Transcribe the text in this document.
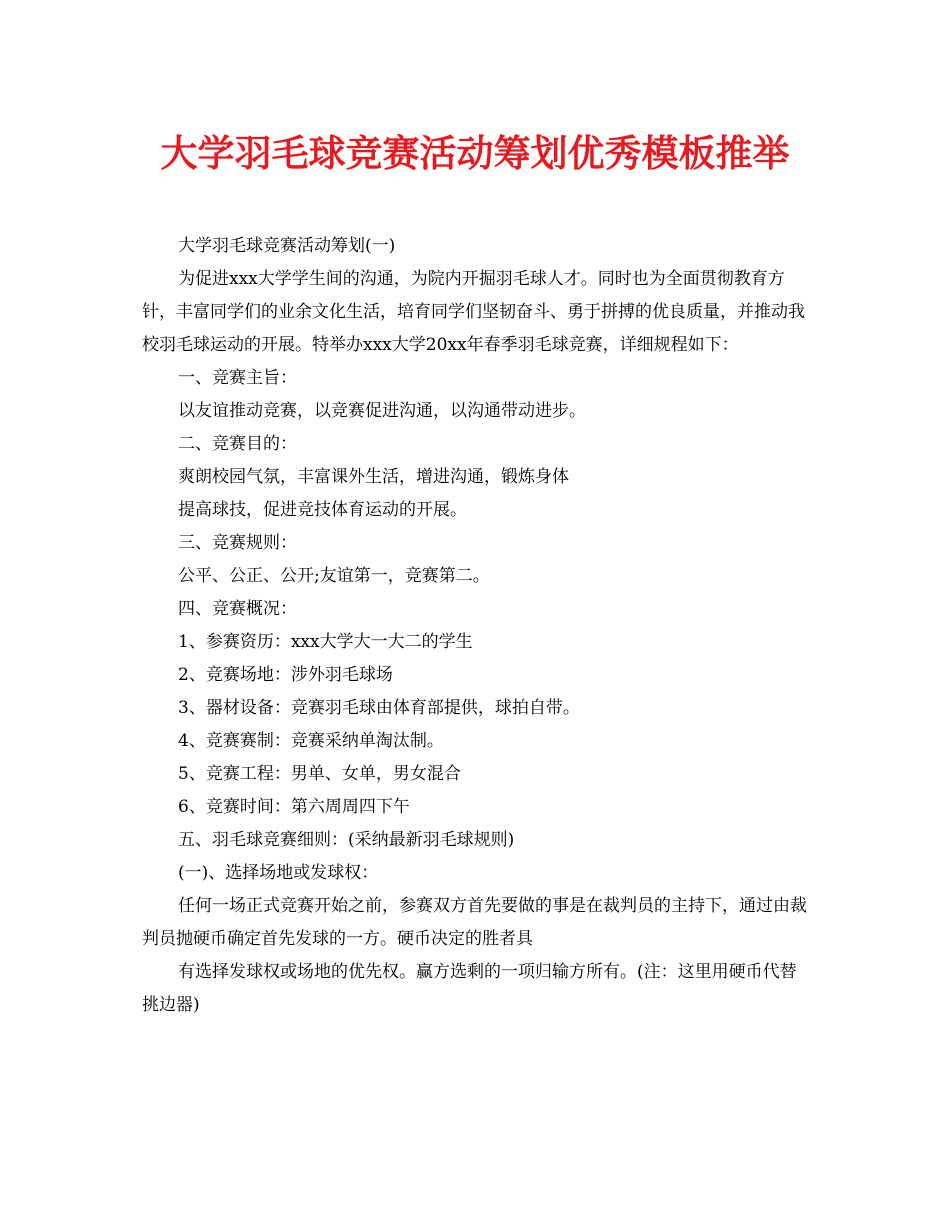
大学羽毛球竞赛活动筹划优秀模板推举

大学羽毛球竞赛活动筹划(一)

为促进xxx大学学生间的沟通，为院内开掘羽毛球人才。同时也为全面贯彻教育方针，丰富同学们的业余文化生活，培育同学们坚韧奋斗、勇于拼搏的优良质量，并推动我校羽毛球运动的开展。特举办xxx大学20xx年春季羽毛球竞赛，详细规程如下：

一、竞赛主旨：

以友谊推动竞赛，以竞赛促进沟通，以沟通带动进步。

二、竞赛目的：

爽朗校园气氛，丰富课外生活，增进沟通，锻炼身体

提高球技，促进竞技体育运动的开展。

三、竞赛规则：

公平、公正、公开;友谊第一，竞赛第二。

四、竞赛概况：

1、参赛资历：xxx大学大一大二的学生

2、竞赛场地：涉外羽毛球场

3、器材设备：竞赛羽毛球由体育部提供，球拍自带。

4、竞赛赛制：竞赛采纳单淘汰制。

5、竞赛工程：男单、女单，男女混合

6、竞赛时间：第六周周四下午

五、羽毛球竞赛细则：(采纳最新羽毛球规则)

(一)、选择场地或发球权：

任何一场正式竞赛开始之前，参赛双方首先要做的事是在裁判员的主持下，通过由裁判员抛硬币确定首先发球的一方。硬币决定的胜者具

有选择发球权或场地的优先权。赢方选剩的一项归输方所有。(注：这里用硬币代替挑边器)
